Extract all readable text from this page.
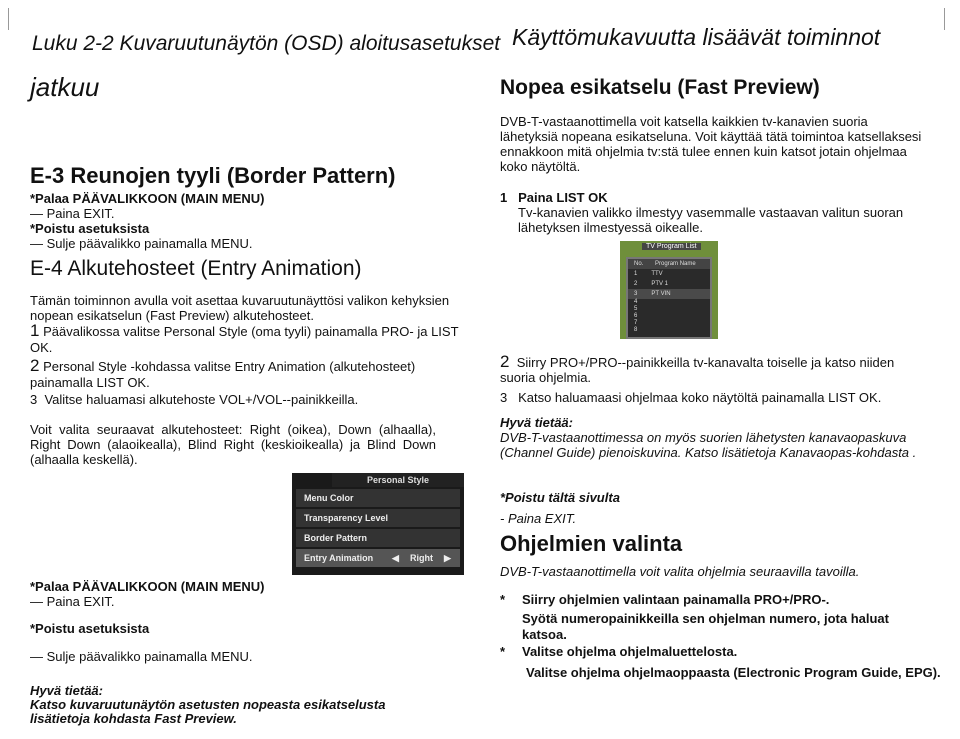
Luku 2-2 Kuvaruutunäytön (OSD) aloitusasetukset Käyttömukavuutta lisäävät toiminnot
jatkuu
E-3 Reunojen tyyli (Border Pattern)
*Palaa PÄÄVALIKKOON (MAIN MENU)
— Paina EXIT.
*Poistu asetuksista
— Sulje päävalikko painamalla MENU.
E-4 Alkutehosteet (Entry Animation)
Tämän toiminnon avulla voit asettaa kuvaruutunäyttösi valikon kehyksien nopean esikatselun (Fast Preview) alkutehosteet.
1 Päävalikossa valitse Personal Style (oma tyyli) painamalla PRO- ja LIST OK.
2 Personal Style -kohdassa valitse Entry Animation (alkutehosteet) painamalla LIST OK.
3 Valitse haluamasi alkutehoste VOL+/VOL--painikkeilla.
Voit valita seuraavat alkutehosteet: Right (oikea), Down (alhaalla), Right Down (alaoikealla), Blind Right (keskioikealla) ja Blind Down (alhaalla keskellä).
Personal Style
Menu Color
Transparency Level
Border Pattern
Entry Animation ◀ Right ▶
*Palaa PÄÄVALIKKOON (MAIN MENU)
— Paina EXIT.
*Poistu asetuksista
— Sulje päävalikko painamalla MENU.
Hyvä tietää:
Katso kuvaruutunäytön asetusten nopeasta esikatselusta lisätietoja kohdasta Fast Preview.
Nopea esikatselu (Fast Preview)
DVB-T-vastaanottimella voit katsella kaikkien tv-kanavien suoria lähetyksiä nopeana esikatseluna. Voit käyttää tätä toimintoa katsellaksesi ennakkoon mitä ohjelmia tv:stä tulee ennen kuin katsot jotain ohjelmaa koko näytöltä.
1 Paina LIST OK
Tv-kanavien valikko ilmestyy vasemmalle vastaavan valitun suoran lähetyksen ilmestyessä oikealle.
TV Program List
No. Program Name
1 TTV
2 PTV 1
3 PT VIN
4
5
6
7
8
2 Siirry PRO+/PRO--painikkeilla tv-kanavalta toiselle ja katso niiden suoria ohjelmia.
3 Katso haluamaasi ohjelmaa koko näytöltä painamalla LIST OK.
Hyvä tietää:
DVB-T-vastaanottimessa on myös suorien lähetysten kanavaopaskuva (Channel Guide) pienoiskuvina. Katso lisätietoja Kanavaopas-kohdasta .
*Poistu tältä sivulta
- Paina EXIT.
Ohjelmien valinta
DVB-T-vastaanottimella voit valita ohjelmia seuraavilla tavoilla.
* Siirry ohjelmien valintaan painamalla PRO+/PRO-.
Syötä numeropainikkeilla sen ohjelman numero, jota haluat katsoa.
* Valitse ohjelma ohjelmaluettelosta.
Valitse ohjelma ohjelmaoppaasta (Electronic Program Guide, EPG).
